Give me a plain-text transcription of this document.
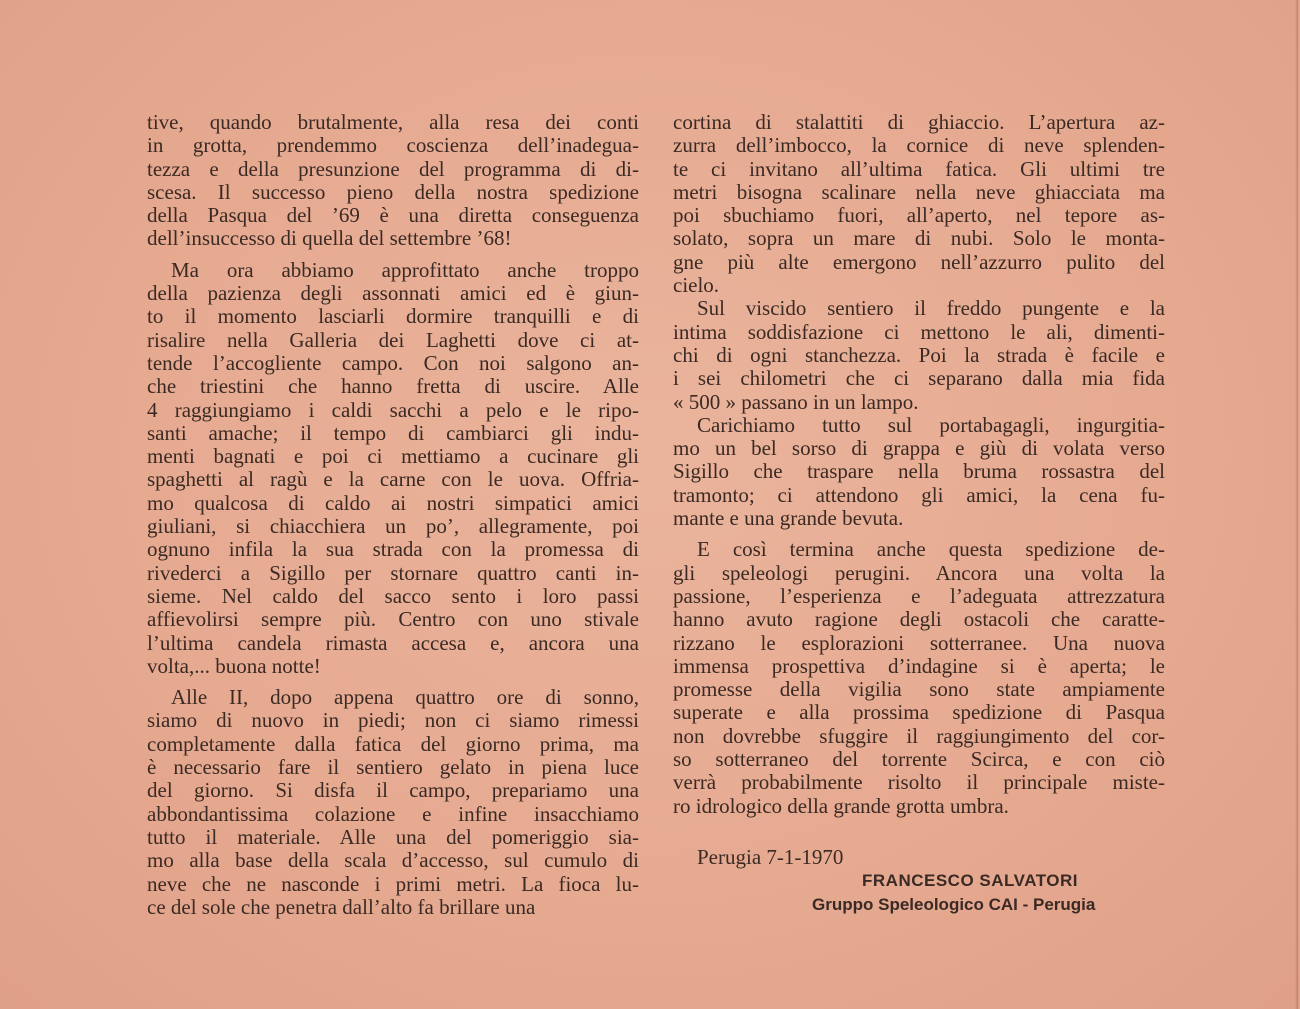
tive, quando brutalmente, alla resa dei conti
in grotta, prendemmo coscienza dell’inadegua-
tezza e della presunzione del programma di di-
scesa. Il successo pieno della nostra spedizione
della Pasqua del ’69 è una diretta conseguenza
dell’insuccesso di quella del settembre ’68!
Ma ora abbiamo approfittato anche troppo
della pazienza degli assonnati amici ed è giun-
to il momento lasciarli dormire tranquilli e di
risalire nella Galleria dei Laghetti dove ci at-
tende l’accogliente campo. Con noi salgono an-
che triestini che hanno fretta di uscire. Alle
4 raggiungiamo i caldi sacchi a pelo e le ripo-
santi amache; il tempo di cambiarci gli indu-
menti bagnati e poi ci mettiamo a cucinare gli
spaghetti al ragù e la carne con le uova. Offria-
mo qualcosa di caldo ai nostri simpatici amici
giuliani, si chiacchiera un po’, allegramente, poi
ognuno infila la sua strada con la promessa di
rivederci a Sigillo per stornare quattro canti in-
sieme. Nel caldo del sacco sento i loro passi
affievolirsi sempre più. Centro con uno stivale
l’ultima candela rimasta accesa e, ancora una
volta,... buona notte!
Alle II, dopo appena quattro ore di sonno,
siamo di nuovo in piedi; non ci siamo rimessi
completamente dalla fatica del giorno prima, ma
è necessario fare il sentiero gelato in piena luce
del giorno. Si disfa il campo, prepariamo una
abbondantissima colazione e infine insacchiamo
tutto il materiale. Alle una del pomeriggio sia-
mo alla base della scala d’accesso, sul cumulo di
neve che ne nasconde i primi metri. La fioca lu-
ce del sole che penetra dall’alto fa brillare una
cortina di stalattiti di ghiaccio. L’apertura az-
zurra dell’imbocco, la cornice di neve splenden-
te ci invitano all’ultima fatica. Gli ultimi tre
metri bisogna scalinare nella neve ghiacciata ma
poi sbuchiamo fuori, all’aperto, nel tepore as-
solato, sopra un mare di nubi. Solo le monta-
gne più alte emergono nell’azzurro pulito del
cielo.
Sul viscido sentiero il freddo pungente e la
intima soddisfazione ci mettono le ali, dimenti-
chi di ogni stanchezza. Poi la strada è facile e
i sei chilometri che ci separano dalla mia fida
« 500 » passano in un lampo.
Carichiamo tutto sul portabagagli, ingurgitia-
mo un bel sorso di grappa e giù di volata verso
Sigillo che traspare nella bruma rossastra del
tramonto; ci attendono gli amici, la cena fu-
mante e una grande bevuta.
E così termina anche questa spedizione de-
gli speleologi perugini. Ancora una volta la
passione, l’esperienza e l’adeguata attrezzatura
hanno avuto ragione degli ostacoli che caratte-
rizzano le esplorazioni sotterranee. Una nuova
immensa prospettiva d’indagine si è aperta; le
promesse della vigilia sono state ampiamente
superate e alla prossima spedizione di Pasqua
non dovrebbe sfuggire il raggiungimento del cor-
so sotterraneo del torrente Scirca, e con ciò
verrà probabilmente risolto il principale miste-
ro idrologico della grande grotta umbra.
Perugia 7-1-1970
FRANCESCO SALVATORI
Gruppo Speleologico CAI - Perugia
